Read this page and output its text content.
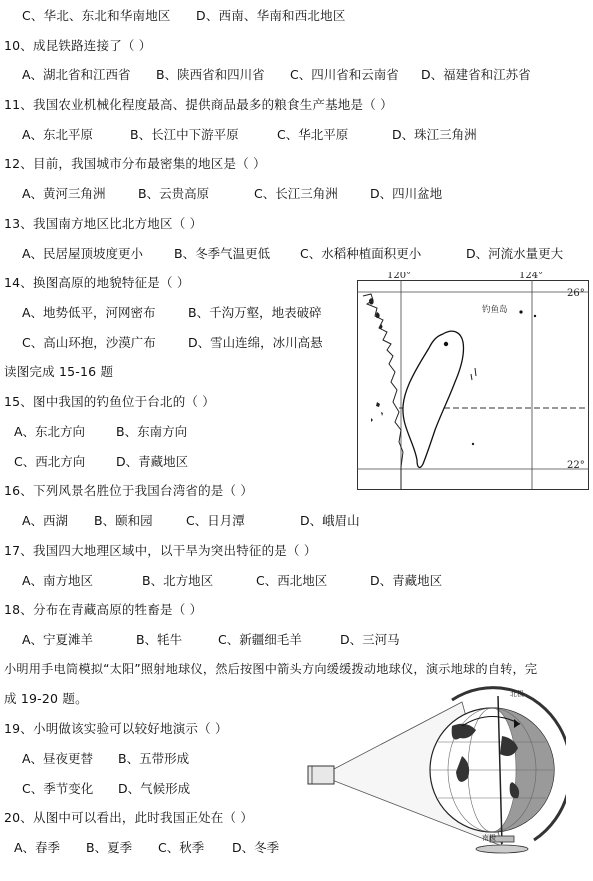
C、华北、东北和华南地区 D、西南、华南和西北地区
10、成昆铁路连接了（ ）
A、湖北省和江西省 B、陕西省和四川省 C、四川省和云南省 D、福建省和江苏省
11、我国农业机械化程度最高、提供商品最多的粮食生产基地是（ ）
A、东北平原	B、长江中下游平原	C、华北平原	D、珠江三角洲
12、目前，我国城市分布最密集的地区是（ ）
A、黄河三角洲	B、云贵高原	C、长江三角洲	D、四川盆地
13、我国南方地区比北方地区（ ）
A、民居屋顶坡度更小 B、冬季气温更低 C、水稻种植面积更小	D、河流水量更大
14、换图高原的地貌特征是（ ）
A、地势低平，河网密布	B、千沟万壑，地表破碎
C、高山环抱，沙漠广布	D、雪山连绵，冰川高悬
读图完成 15-16 题
15、图中我国的钓鱼位于台北的（ ）
A、东北方向 B、东南方向
C、西北方向 D、青藏地区
16、下列风景名胜位于我国台湾省的是（ ）
A、西湖 B、颐和园	C、日月潭	D、峨眉山
17、我国四大地理区域中，以干旱为突出特征的是（ ）
A、南方地区	B、北方地区	C、西北地区	D、青藏地区
18、分布在青藏高原的牲畜是（ ）
A、宁夏滩羊	B、牦牛	C、新疆细毛羊	D、三河马
小明用手电筒模拟“太阳”照射地球仪，然后按图中箭头方向缓缓拨动地球仪，演示地球的自转，完
成 19-20 题。
19、小明做该实验可以较好地演示（ ）
A、昼夜更替 B、五带形成
C、季节变化 D、气候形成
20、从图中可以看出，此时我国正处在（ ）
A、春季 B、夏季 C、秋季 D、冬季
120°	124°
26°
22°
钓鱼岛
北极
南极
